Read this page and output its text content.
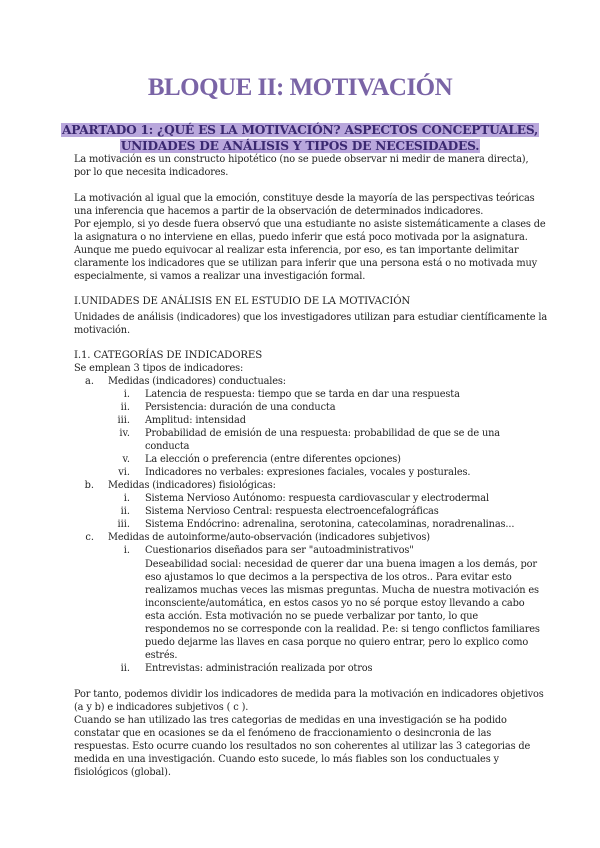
BLOQUE II: MOTIVACIÓN
APARTADO 1: ¿QUÉ ES LA MOTIVACIÓN? ASPECTOS CONCEPTUALES,
UNIDADES DE ANÁLISIS Y TIPOS DE NECESIDADES.

La motivación es un constructo hipotético (no se puede observar ni medir de manera directa),

por lo que necesita indicadores.

La motivación al igual que la emoción, constituye desde la mayoría de las perspectivas teóricas

una inferencia que hacemos a partir de la observación de determinados indicadores.

Por ejemplo, si yo desde fuera observó que una estudiante no asiste sistemáticamente a clases de

la asignatura o no interviene en ellas, puedo inferir que está poco motivada por la asignatura.

Aunque me puedo equivocar al realizar esta inferencia, por eso, es tan importante delimitar

claramente los indicadores que se utilizan para inferir que una persona está o no motivada muy

especialmente, si vamos a realizar una investigación formal.

I.UNIDADES DE ANÁLISIS EN EL ESTUDIO DE LA MOTIVACIÓN

Unidades de análisis (indicadores) que los investigadores utilizan para estudiar científicamente la

motivación.

I.1. CATEGORÍAS DE INDICADORES

Se emplean 3 tipos de indicadores:

a. Medidas (indicadores) conductuales:

i. Latencia de respuesta: tiempo que se tarda en dar una respuesta

ii. Persistencia: duración de una conducta

iii. Amplitud: intensidad

iv. Probabilidad de emisión de una respuesta: probabilidad de que se de una

conducta

v. La elección o preferencia (entre diferentes opciones)

vi. Indicadores no verbales: expresiones faciales, vocales y posturales.

b. Medidas (indicadores) fisiológicas:

i. Sistema Nervioso Autónomo: respuesta cardiovascular y electrodermal

ii. Sistema Nervioso Central: respuesta electroencefalográficas

iii. Sistema Endócrino: adrenalina, serotonina, catecolaminas, noradrenalinas...

c. Medidas de autoinforme/auto-observación (indicadores subjetivos)

i. Cuestionarios diseñados para ser "autoadministrativos"

Deseabilidad social: necesidad de querer dar una buena imagen a los demás, por

eso ajustamos lo que decimos a la perspectiva de los otros.. Para evitar esto

realizamos muchas veces las mismas preguntas. Mucha de nuestra motivación es

inconsciente/automática, en estos casos yo no sé porque estoy llevando a cabo

esta acción. Esta motivación no se puede verbalizar por tanto, lo que

respondemos no se corresponde con la realidad. P.e: si tengo conflictos familiares

puedo dejarme las llaves en casa porque no quiero entrar, pero lo explico como

estrés.

ii. Entrevistas: administración realizada por otros

Por tanto, podemos dividir los indicadores de medida para la motivación en indicadores objetivos

(a y b) e indicadores subjetivos ( c ).

Cuando se han utilizado las tres categorias de medidas en una investigación se ha podido

constatar que en ocasiones se da el fenómeno de fraccionamiento o desincronia de las

respuestas. Esto ocurre cuando los resultados no son coherentes al utilizar las 3 categorias de

medida en una investigación. Cuando esto sucede, lo más fiables son los conductuales y

fisiológicos (global).
